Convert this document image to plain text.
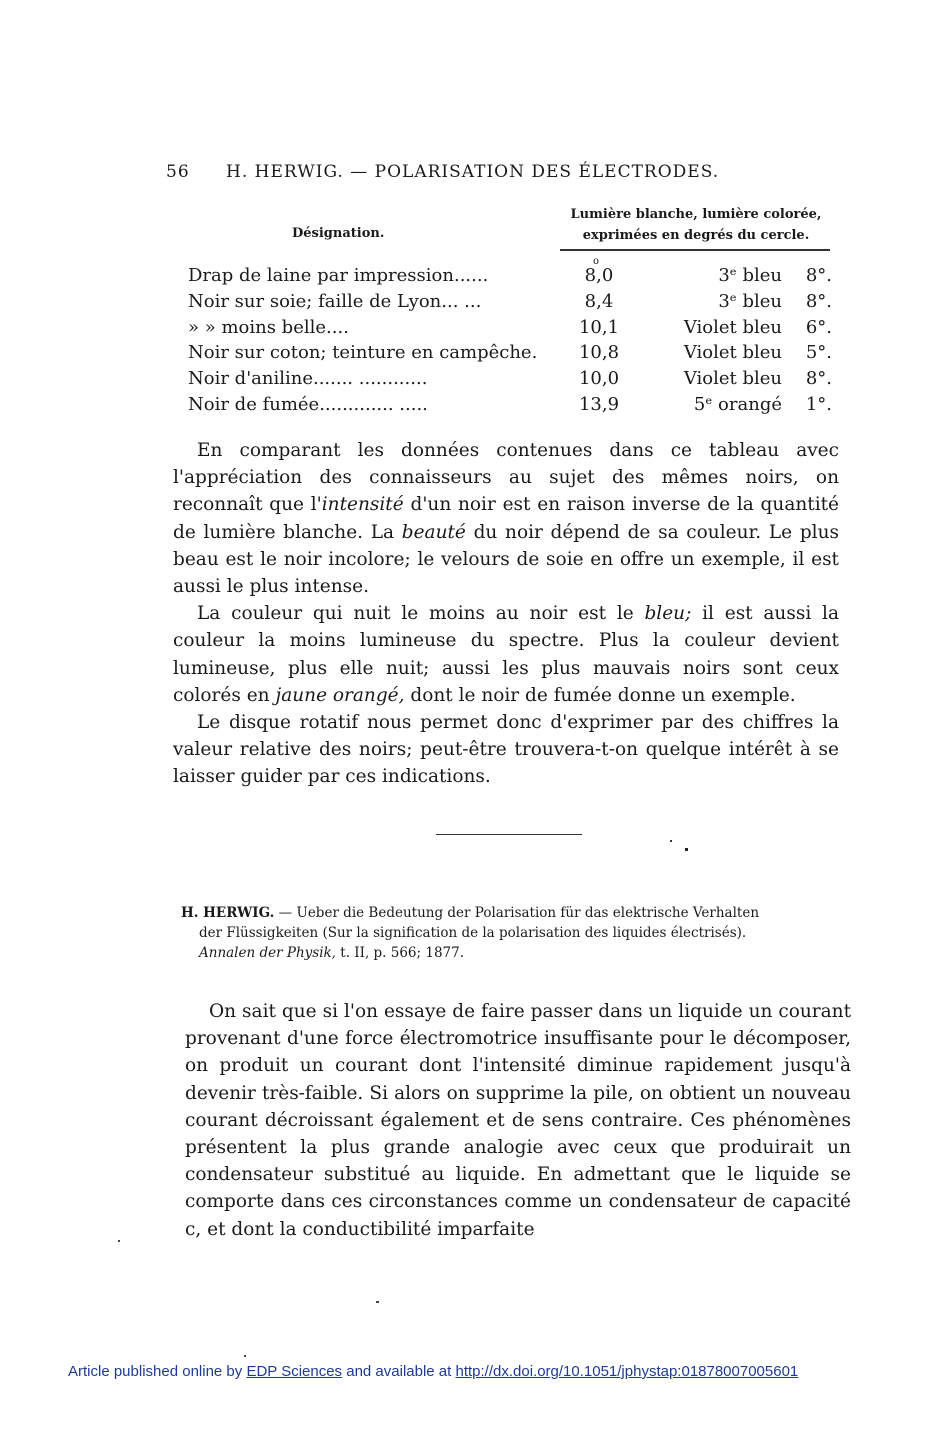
56 H. HERWIG. — POLARISATION DES ÉLECTRODES.
Désignation.
Lumière blanche, lumière colorée,
exprimées en degrés du cercle.
o
Drap de laine par impression......	8,0	3ᵉ bleu 8°.
Noir sur soie; faille de Lyon... ...	8,4	3ᵉ bleu 8°.
» » moins belle....	10,1	Violet bleu 6°.
Noir sur coton; teinture en campêche. 10,8	Violet bleu 5°.
Noir d'aniline....... ............	10,0	Violet bleu 8°.
Noir de fumée............. .....	13,9	5ᵉ orangé 1°.

En comparant les données contenues dans ce tableau avec l'appréciation des connaisseurs au sujet des mêmes noirs, on reconnaît que l'intensité d'un noir est en raison inverse de la quantité de lumière blanche. La beauté du noir dépend de sa couleur. Le plus beau est le noir incolore; le velours de soie en offre un exemple, il est aussi le plus intense.

La couleur qui nuit le moins au noir est le bleu; il est aussi la couleur la moins lumineuse du spectre. Plus la couleur devient lumineuse, plus elle nuit; aussi les plus mauvais noirs sont ceux colorés en jaune orangé, dont le noir de fumée donne un exemple.

Le disque rotatif nous permet donc d'exprimer par des chiffres la valeur relative des noirs; peut-être trouvera-t-on quelque intérêt à se laisser guider par ces indications.

H. HERWIG. — Ueber die Bedeutung der Polarisation für das elektrische Verhalten
der Flüssigkeiten (Sur la signification de la polarisation des liquides électrisés).
Annalen der Physik, t. II, p. 566; 1877.

On sait que si l'on essaye de faire passer dans un liquide un courant provenant d'une force électromotrice insuffisante pour le décomposer, on produit un courant dont l'intensité diminue rapidement jusqu'à devenir très-faible. Si alors on supprime la pile, on obtient un nouveau courant décroissant également et de sens contraire. Ces phénomènes présentent la plus grande analogie avec ceux que produirait un condensateur substitué au liquide. En admettant que le liquide se comporte dans ces circonstances comme un condensateur de capacité c, et dont la conductibilité imparfaite

Article published online by EDP Sciences and available at http://dx.doi.org/10.1051/jphystap:01878007005601
